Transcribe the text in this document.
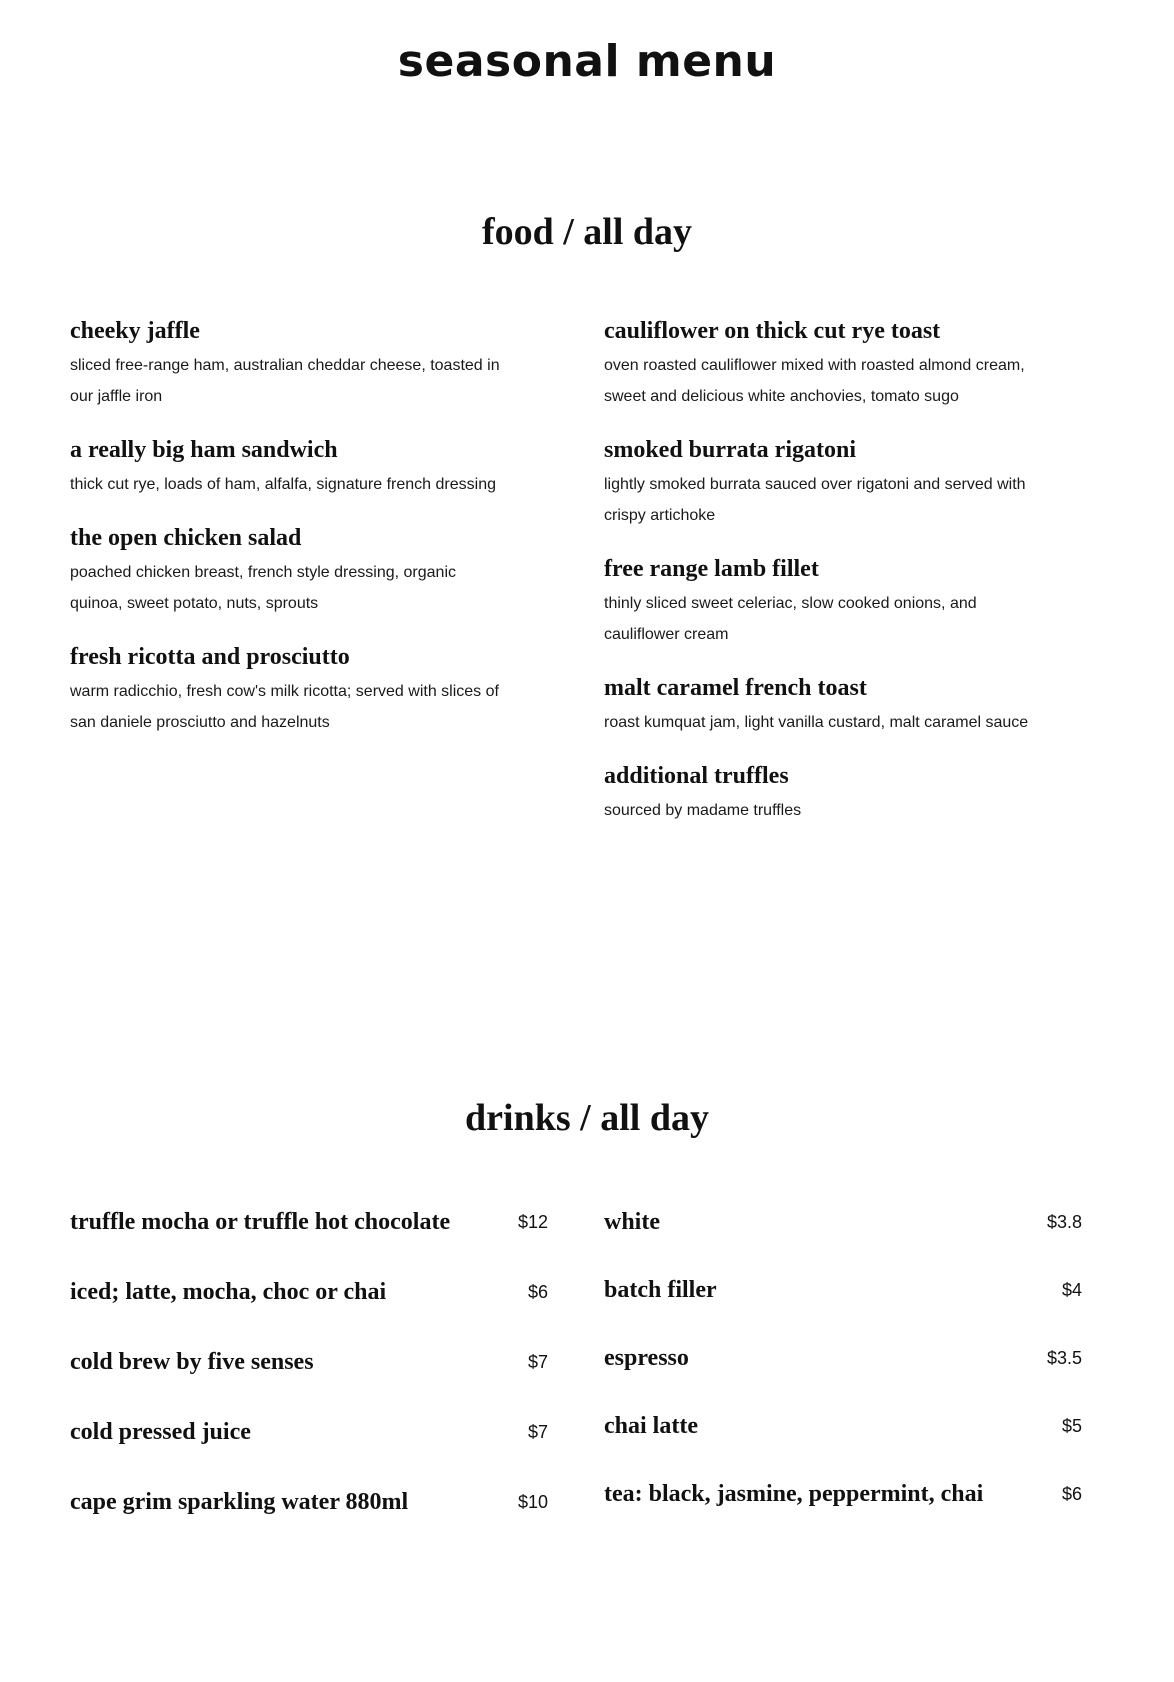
seasonal menu
food / all day
cheeky jaffle
sliced free-range ham, australian cheddar cheese, toasted in our jaffle iron
a really big ham sandwich
thick cut rye, loads of ham, alfalfa, signature french dressing
the open chicken salad
poached chicken breast, french style dressing, organic quinoa, sweet potato, nuts, sprouts
fresh ricotta and prosciutto
warm radicchio, fresh cow's milk ricotta; served with slices of san daniele prosciutto and hazelnuts
cauliflower on thick cut rye toast
oven roasted cauliflower mixed with roasted almond cream, sweet and delicious white anchovies, tomato sugo
smoked burrata rigatoni
lightly smoked burrata sauced over rigatoni and served with crispy artichoke
free range lamb fillet
thinly sliced sweet celeriac, slow cooked onions, and cauliflower cream
malt caramel french toast
roast kumquat jam, light vanilla custard, malt caramel sauce
additional truffles
sourced by madame truffles
drinks / all day
truffle mocha or truffle hot chocolate	$12
iced; latte, mocha, choc or chai	$6
cold brew by five senses	$7
cold pressed juice	$7
cape grim sparkling water 880ml	$10
white	$3.8
batch filler	$4
espresso	$3.5
chai latte	$5
tea: black, jasmine, peppermint, chai	$6
